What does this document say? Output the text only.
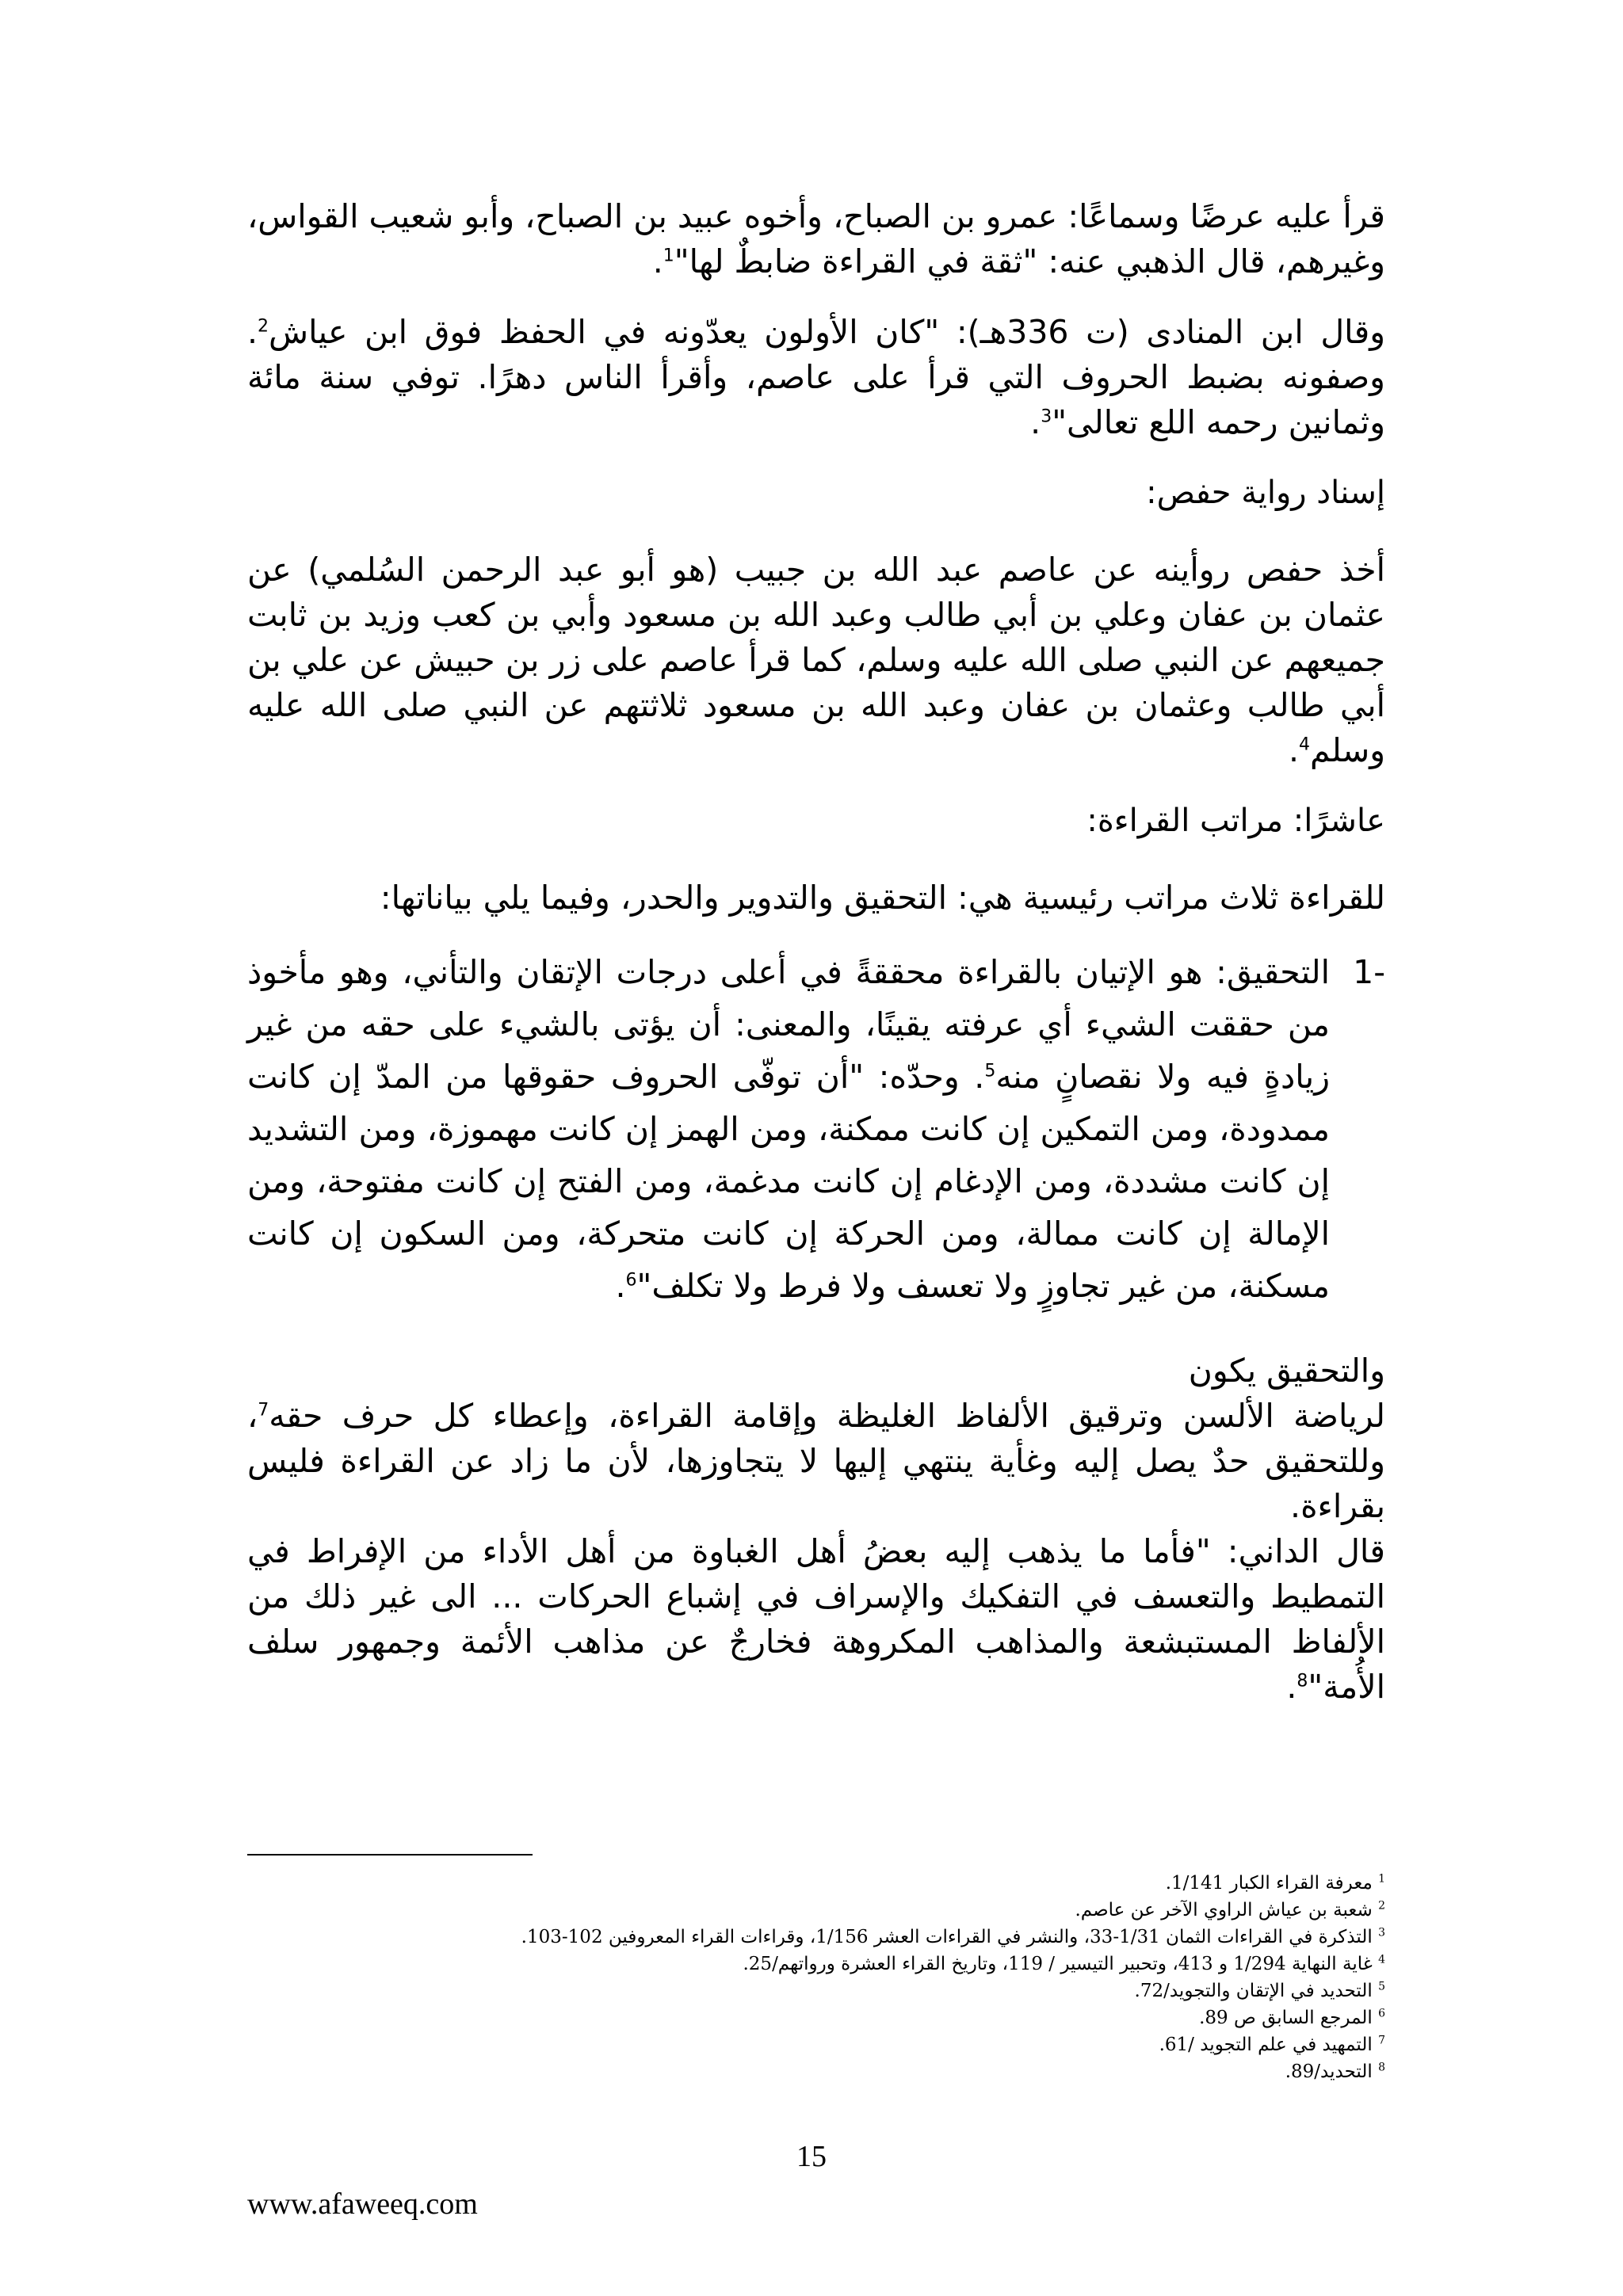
قرأ عليه عرضًا وسماعًا: عمرو بن الصباح، وأخوه عبيد بن الصباح، وأبو شعيب القواس، وغيرهم، قال الذهبي عنه: "ثقة في القراءة ضابطٌ لها"$^1$.

وقال ابن المنادى (ت 336هـ): "كان الأولون يعدّونه في الحفظ فوق ابن عياش$^2$. وصفونه بضبط الحروف التي قرأ على عاصم، وأقرأ الناس دهرًا. توفي سنة مائة وثمانين رحمه اللع تعالى"$^3$.

إسناد رواية حفص:

أخذ حفص روأينه عن عاصم عبد الله بن جبيب (هو أبو عبد الرحمن السُلمي) عن عثمان بن عفان وعلي بن أبي طالب وعبد الله بن مسعود وأبي بن كعب وزيد بن ثابت جميعهم عن النبي صلى الله عليه وسلم، كما قرأ عاصم على زر بن حبيش عن علي بن أبي طالب وعثمان بن عفان وعبد الله بن مسعود ثلاثتهم عن النبي صلى الله عليه وسلم$^4$.

عاشرًا: مراتب القراءة:

للقراءة ثلاث مراتب رئيسية هي: التحقيق والتدوير والحدر، وفيما يلي بياناتها:

-1

التحقيق: هو الإتيان بالقراءة محققةً في أعلى درجات الإتقان والتأني، وهو مأخوذ من حققت الشيء أي عرفته يقينًا، والمعنى: أن يؤتى بالشيء على حقه من غير زيادةٍ فيه ولا نقصانٍ منه$^5$. وحدّه: "أن توفّى الحروف حقوقها من المدّ إن كانت ممدودة، ومن التمكين إن كانت ممكنة، ومن الهمز إن كانت مهموزة، ومن التشديد إن كانت مشددة، ومن الإدغام إن كانت مدغمة، ومن الفتح إن كانت مفتوحة، ومن الإمالة إن كانت ممالة، ومن الحركة إن كانت متحركة، ومن السكون إن كانت مسكنة، من غير تجاوزٍ ولا تعسف ولا فرط ولا تكلف"$^6$.

والتحقيق يكون

لرياضة الألسن وترقيق الألفاظ الغليظة وإقامة القراءة، وإعطاء كل حرف حقه$^7$، وللتحقيق حدٌ يصل إليه وغأية ينتهي إليها لا يتجاوزها، لأن ما زاد عن القراءة فليس بقراءة.

قال الداني: "فأما ما يذهب إليه بعضُ أهل الغباوة من أهل الأداء من الإفراط في التمطيط والتعسف في التفكيك والإسراف في إشباع الحركات ... الى غير ذلك من الألفاظ المستبشعة والمذاهب المكروهة فخارجٌ عن مذاهب الأئمة وجمهور سلف الأُمة"$^8$.

$^1$ معرفة القراء الكبار 1/141.
$^2$ شعبة بن عياش الراوي الآخر عن عاصم.
$^3$ التذكرة في القراءات الثمان 1/31-33، والنشر في القراءات العشر 1/156، وقراءات القراء المعروفين 102-103.
$^4$ غاية النهاية 1/294 و 413، وتحبير التيسير / 119، وتاريخ القراء العشرة ورواتهم/25.
$^5$ التحديد في الإتقان والتجويد/72.
$^6$ المرجع السابق ص 89.
$^7$ التمهيد في علم التجويد /61.
$^8$ التحديد/89.
15
www.afaweeq.com
